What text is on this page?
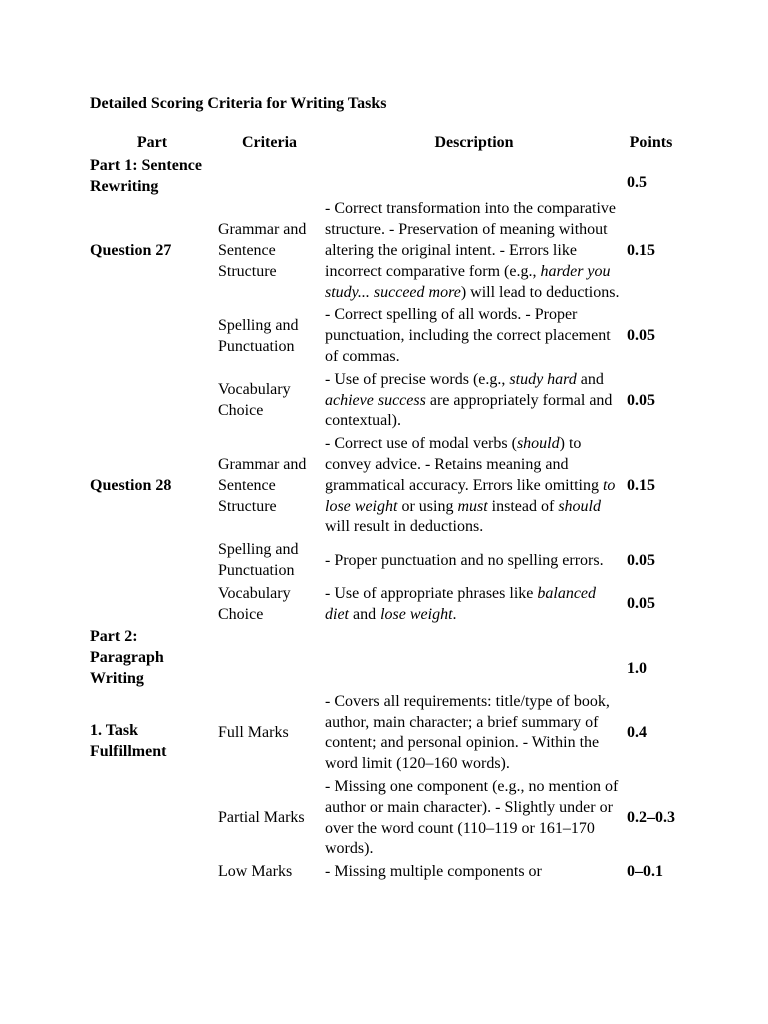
Detailed Scoring Criteria for Writing Tasks
Part	Criteria	Description	Points
Part 1: Sentence Rewriting			0.5
Question 27	Grammar and Sentence Structure	- Correct transformation into the comparative structure. - Preservation of meaning without altering the original intent. - Errors like incorrect comparative form (e.g., harder you study... succeed more) will lead to deductions.	0.15
	Spelling and Punctuation	- Correct spelling of all words. - Proper punctuation, including the correct placement of commas.	0.05
	Vocabulary Choice	- Use of precise words (e.g., study hard and achieve success are appropriately formal and contextual).	0.05
Question 28	Grammar and Sentence Structure	- Correct use of modal verbs (should) to convey advice. - Retains meaning and grammatical accuracy. Errors like omitting to lose weight or using must instead of should will result in deductions.	0.15
	Spelling and Punctuation	- Proper punctuation and no spelling errors.	0.05
	Vocabulary Choice	- Use of appropriate phrases like balanced diet and lose weight.	0.05
Part 2: Paragraph Writing			1.0
1. Task Fulfillment	Full Marks	- Covers all requirements: title/type of book, author, main character; a brief summary of content; and personal opinion. - Within the word limit (120–160 words).	0.4
	Partial Marks	- Missing one component (e.g., no mention of author or main character). - Slightly under or over the word count (110–119 or 161–170 words).	0.2–0.3
	Low Marks	- Missing multiple components or	0–0.1
